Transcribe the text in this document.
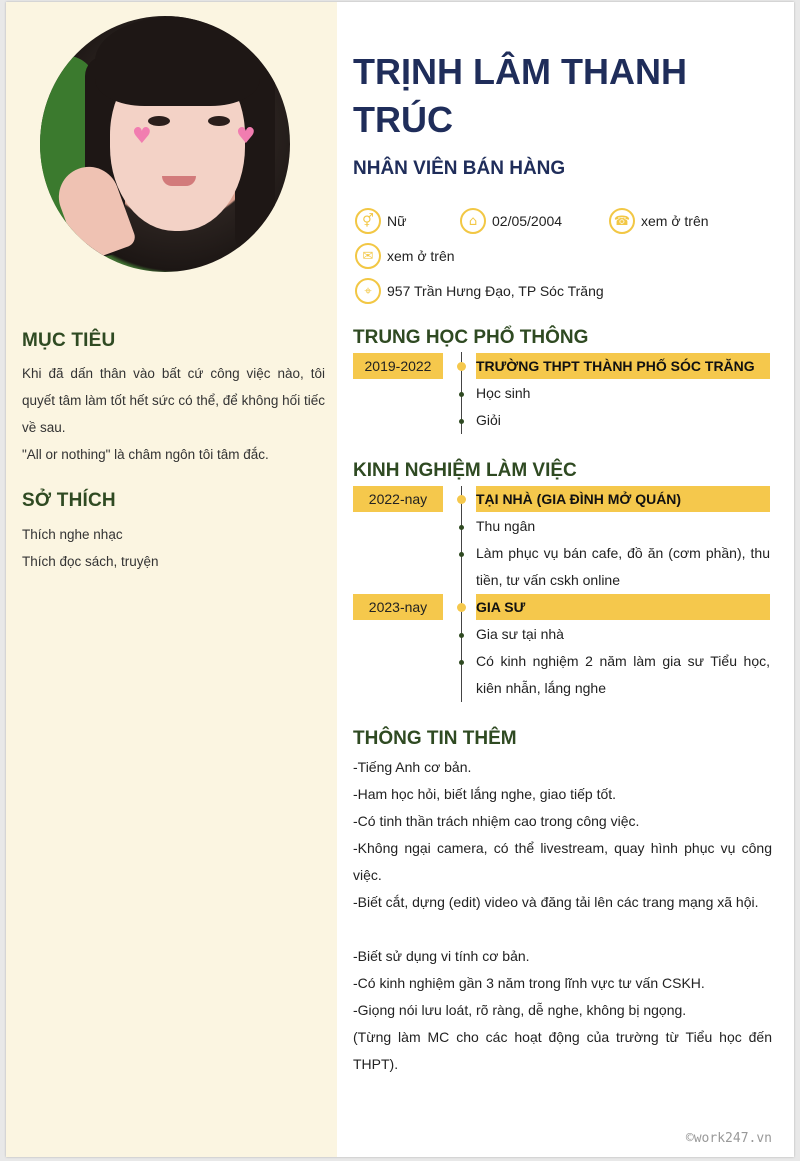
♥	♥
MỤC TIÊU
Khi đã dấn thân vào bất cứ công việc nào, tôi quyết tâm làm tốt hết sức có thể, để không hối tiếc về sau.
"All or nothing" là châm ngôn tôi tâm đắc.
SỞ THÍCH
Thích nghe nhạc
Thích đọc sách, truyện
TRỊNH LÂM THANH TRÚC
NHÂN VIÊN BÁN HÀNG
⚥ Nữ	⌂	02/05/2004	☎ xem ở trên
✉ xem ở trên
⌖	957 Trần Hưng Đạo, TP Sóc Trăng
TRUNG HỌC PHỔ THÔNG
2019-2022	TRƯỜNG THPT THÀNH PHỐ SÓC TRĂNG
Học sinh
Giỏi
KINH NGHIỆM LÀM VIỆC
2022-nay	TẠI NHÀ (GIA ĐÌNH MỞ QUÁN)
Thu ngân
Làm phục vụ bán cafe, đồ ăn (cơm phần), thu tiền, tư vấn cskh online
2023-nay	GIA SƯ
Gia sư tại nhà
Có kinh nghiệm 2 năm làm gia sư Tiểu học, kiên nhẫn, lắng nghe
THÔNG TIN THÊM
-Tiếng Anh cơ bản.
-Ham học hỏi, biết lắng nghe, giao tiếp tốt.
-Có tinh thần trách nhiệm cao trong công việc.
-Không ngại camera, có thể livestream, quay hình phục vụ công việc.
-Biết cắt, dựng (edit) video và đăng tải lên các trang mạng xã hội.
-Biết sử dụng vi tính cơ bản.
-Có kinh nghiệm gần 3 năm trong lĩnh vực tư vấn CSKH.
-Giọng nói lưu loát, rõ ràng, dễ nghe, không bị ngọng.
(Từng làm MC cho các hoạt động của trường từ Tiểu học đến THPT).
©work247.vn
